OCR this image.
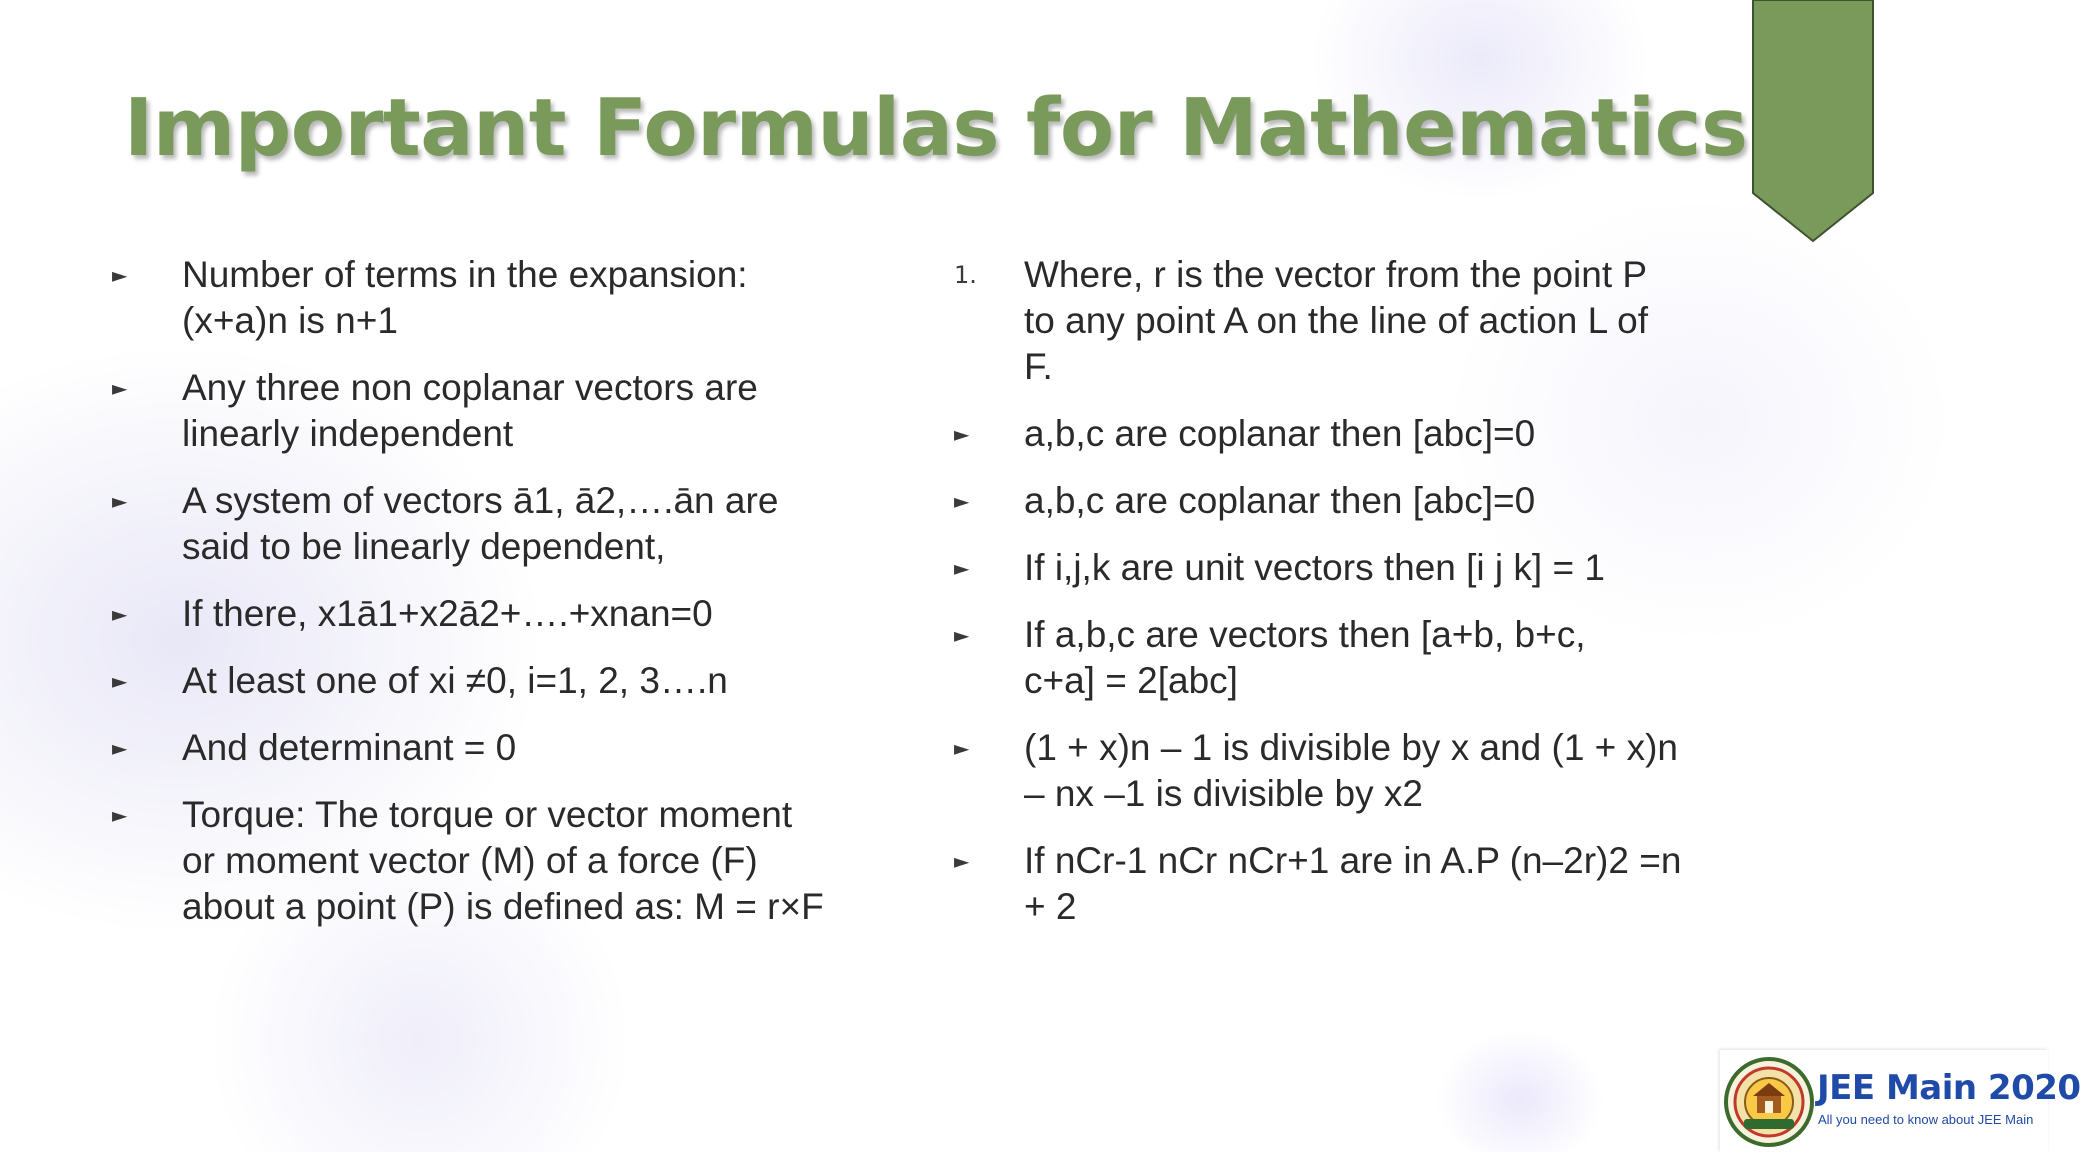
Important Formulas for Mathematics
►	Number of terms in the expansion:
(x+a)n is n+1
►	Any three non coplanar vectors are
linearly independent
►	A system of vectors ā1, ā2,….ān are
said to be linearly dependent,
►	If there, x1ā1+x2ā2+….+xnan=0
►	At least one of xi ≠0, i=1, 2, 3….n
►	And determinant = 0
►	Torque: The torque or vector moment
or moment vector (M) of a force (F)
about a point (P) is defined as: M = r×F
1.	Where, r is the vector from the point P
to any point A on the line of action L of
F.
►	a,b,c are coplanar then [abc]=0
►	a,b,c are coplanar then [abc]=0
►	If i,j,k are unit vectors then [i j k] = 1
►	If a,b,c are vectors then [a+b, b+c,
c+a] = 2[abc]
►	(1 + x)n – 1 is divisible by x and (1 + x)n
– nx –1 is divisible by x2
►	If nCr-1 nCr nCr+1 are in A.P (n–2r)2 =n
+ 2
JEE Main 2020
All you need to know about JEE Main
